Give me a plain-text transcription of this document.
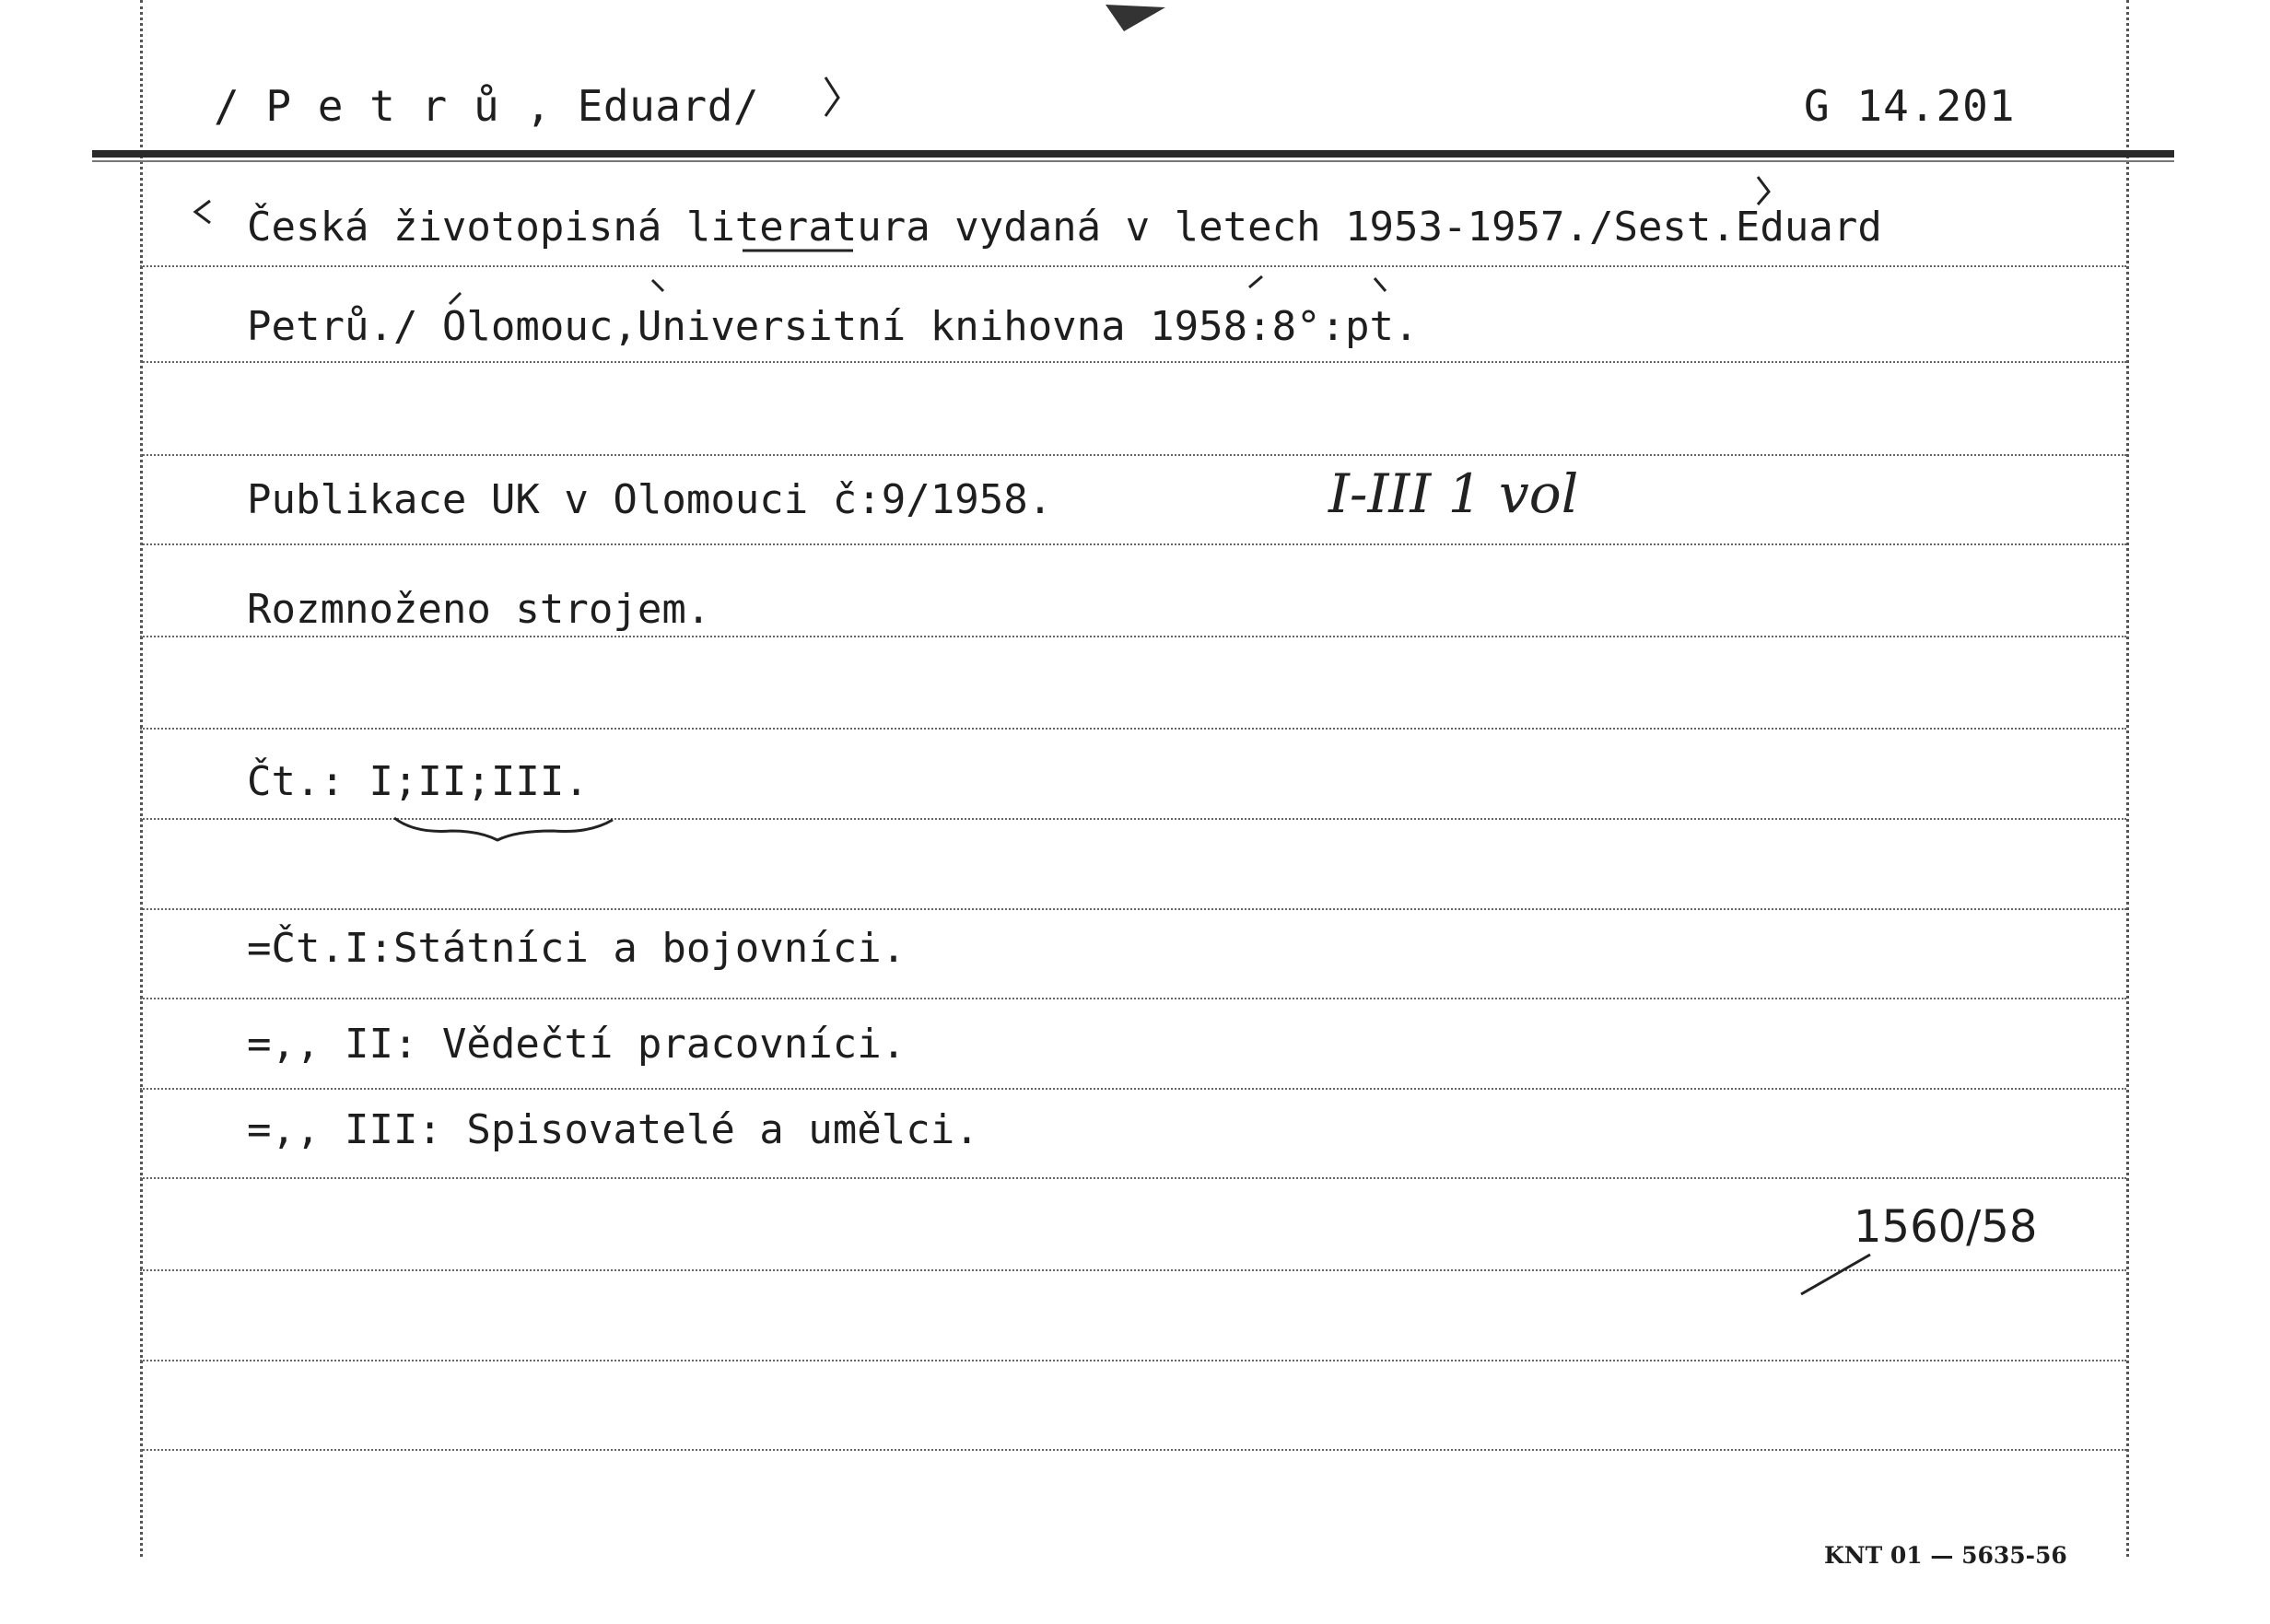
/ P e t r ů , Eduard/	G 14.201
Česká životopisná literatura vydaná v letech 1953-1957./Sest.Eduard
Petrů./ Olomouc,Universitní knihovna 1958:8°:pt.
Publikace UK v Olomouci č:9/1958.
Rozmnoženo strojem.
Čt.: I;II;III.
=Čt.I:Státníci a bojovníci.
=,, II: Vědečtí pracovníci.
=,, III: Spisovatelé a umělci.
I-III 1 vol
1560/58
KNT 01 — 5635-56
